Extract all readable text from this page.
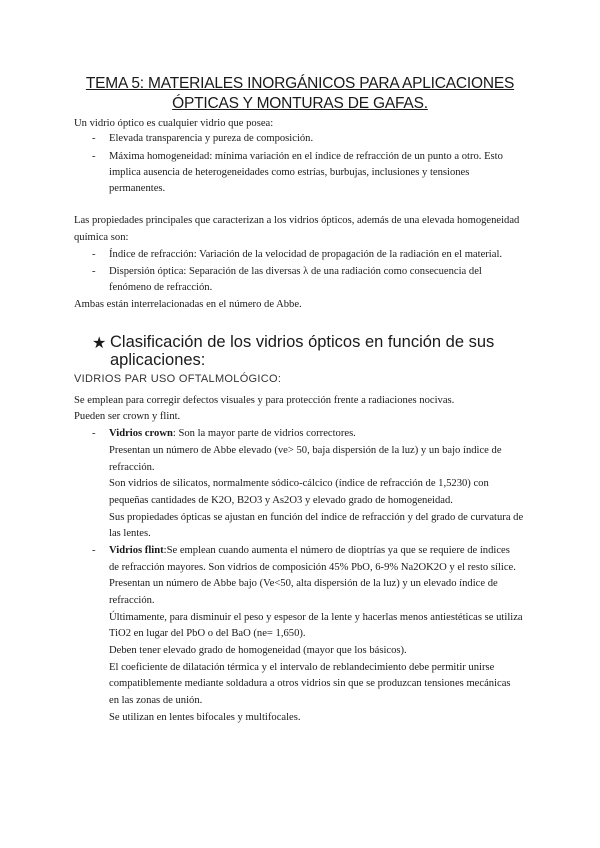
TEMA 5: MATERIALES INORGÁNICOS PARA APLICACIONES
ÓPTICAS Y MONTURAS DE GAFAS.
Un vidrio óptico es cualquier vidrio que posea:
- Elevada transparencia y pureza de composición.
- Máxima homogeneidad: mínima variación en el índice de refracción de un punto a otro. Esto
implica ausencia de heterogeneidades como estrías, burbujas, inclusiones y tensiones
permanentes.
Las propiedades principales que caracterizan a los vidrios ópticos, además de una elevada homogeneidad
química son:
- Índice de refracción: Variación de la velocidad de propagación de la radiación en el material.
- Dispersión óptica: Separación de las diversas λ de una radiación como consecuencia del
fenómeno de refracción.
Ambas están interrelacionadas en el número de Abbe.
★ Clasificación de los vidrios ópticos en función de sus
aplicaciones:
VIDRIOS PAR USO OFTALMOLÓGICO:
Se emplean para corregir defectos visuales y para protección frente a radiaciones nocivas.
Pueden ser crown y flint.
- Vidrios crown: Son la mayor parte de vidrios correctores.
Presentan un número de Abbe elevado (ve> 50, baja dispersión de la luz) y un bajo índice de
refracción.
Son vidrios de silicatos, normalmente sódico-cálcico (índice de refracción de 1,5230) con
pequeñas cantidades de K2O, B2O3 y As2O3 y elevado grado de homogeneidad.
Sus propiedades ópticas se ajustan en función del índice de refracción y del grado de curvatura de
las lentes.
- Vidrios flint:Se emplean cuando aumenta el número de dioptrías ya que se requiere de índices
de refracción mayores. Son vidrios de composición 45% PbO, 6-9% Na2OK2O y el resto sílice.
Presentan un número de Abbe bajo (Ve<50, alta dispersión de la luz) y un elevado índice de
refracción.
Últimamente, para disminuir el peso y espesor de la lente y hacerlas menos antiestéticas se utiliza
TiO2 en lugar del PbO o del BaO (ne= 1,650).
Deben tener elevado grado de homogeneidad (mayor que los básicos).
El coeficiente de dilatación térmica y el intervalo de reblandecimiento debe permitir unirse
compatiblemente mediante soldadura a otros vidrios sin que se produzcan tensiones mecánicas
en las zonas de unión.
Se utilizan en lentes bifocales y multifocales.
